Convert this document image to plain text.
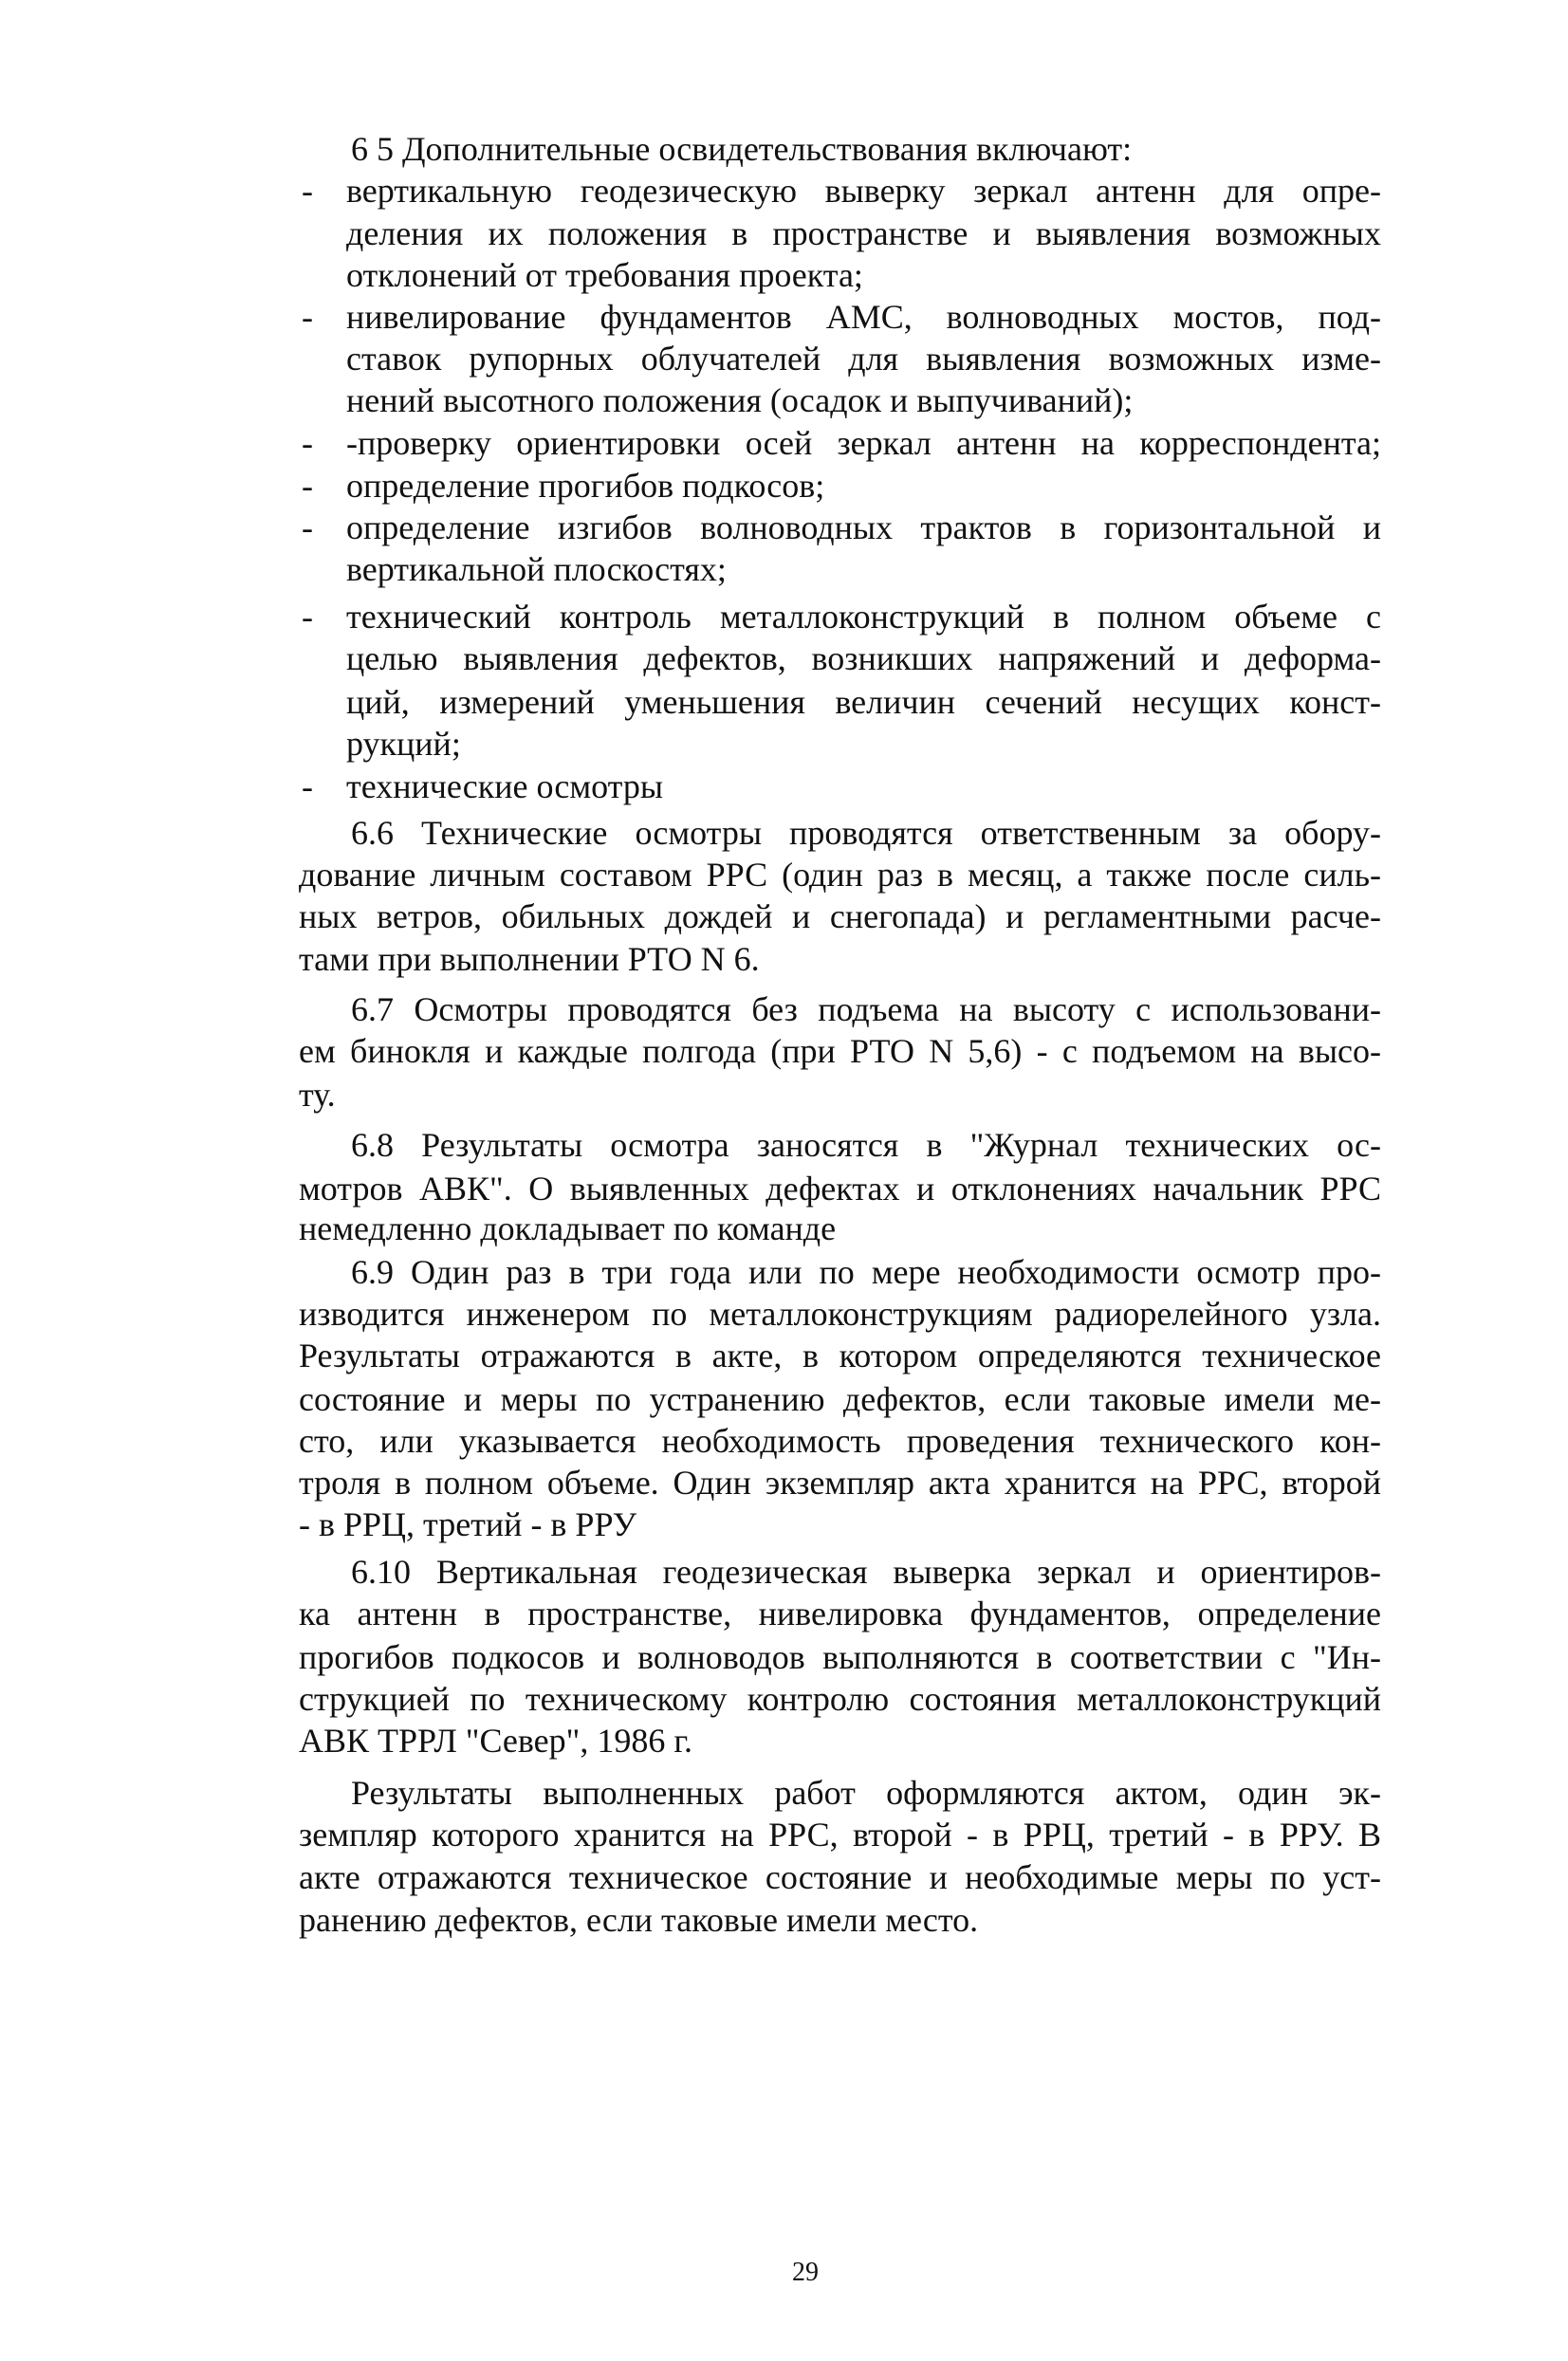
6 5 Дополнительные освидетельствования включают:
вертикальную геодезическую выверку зеркал антенн для опре-
-
деления их положения в пространстве и выявления возможных
отклонений от требования проекта;
нивелирование фундаментов АМС, волноводных мостов, под-
-
ставок рупорных облучателей для выявления возможных изме-
нений высотного положения (осадок и выпучиваний);
-проверку ориентировки осей зеркал антенн на корреспондента;
-
определение прогибов подкосов;
-
определение изгибов волноводных трактов в горизонтальной и
-
вертикальной плоскостях;
технический контроль металлоконструкций в полном объеме с
-
целью выявления дефектов, возникших напряжений и деформа-
ций, измерений уменьшения величин сечений несущих конст-
рукций;
технические осмотры
-
6.6 Технические осмотры проводятся ответственным за обору-
дование личным составом РРС (один раз в месяц, а также после силь-
ных ветров, обильных дождей и снегопада) и регламентными расче-
тами при выполнении РТО N 6.
6.7 Осмотры проводятся без подъема на высоту с использовани-
ем бинокля и каждые полгода (при РТО N 5,6) - с подъемом на высо-
ту.
6.8 Результаты осмотра заносятся в "Журнал технических ос-
мотров АВК". О выявленных дефектах и отклонениях начальник РРС
немедленно докладывает по команде
6.9 Один раз в три года или по мере необходимости осмотр про-
изводится инженером по металлоконструкциям радиорелейного узла.
Результаты отражаются в акте, в котором определяются техническое
состояние и меры по устранению дефектов, если таковые имели ме-
сто, или указывается необходимость проведения технического кон-
троля в полном объеме. Один экземпляр акта хранится на РРС, второй
- в РРЦ, третий - в РРУ
6.10 Вертикальная геодезическая выверка зеркал и ориентиров-
ка антенн в пространстве, нивелировка фундаментов, определение
прогибов подкосов и волноводов выполняются в соответствии с "Ин-
струкцией по техническому контролю состояния металлоконструкций
АВК ТРРЛ "Север", 1986 г.
Результаты выполненных работ оформляются актом, один эк-
земпляр которого хранится на РРС, второй - в РРЦ, третий - в РРУ. В
акте отражаются техническое состояние и необходимые меры по уст-
ранению дефектов, если таковые имели место.
29
